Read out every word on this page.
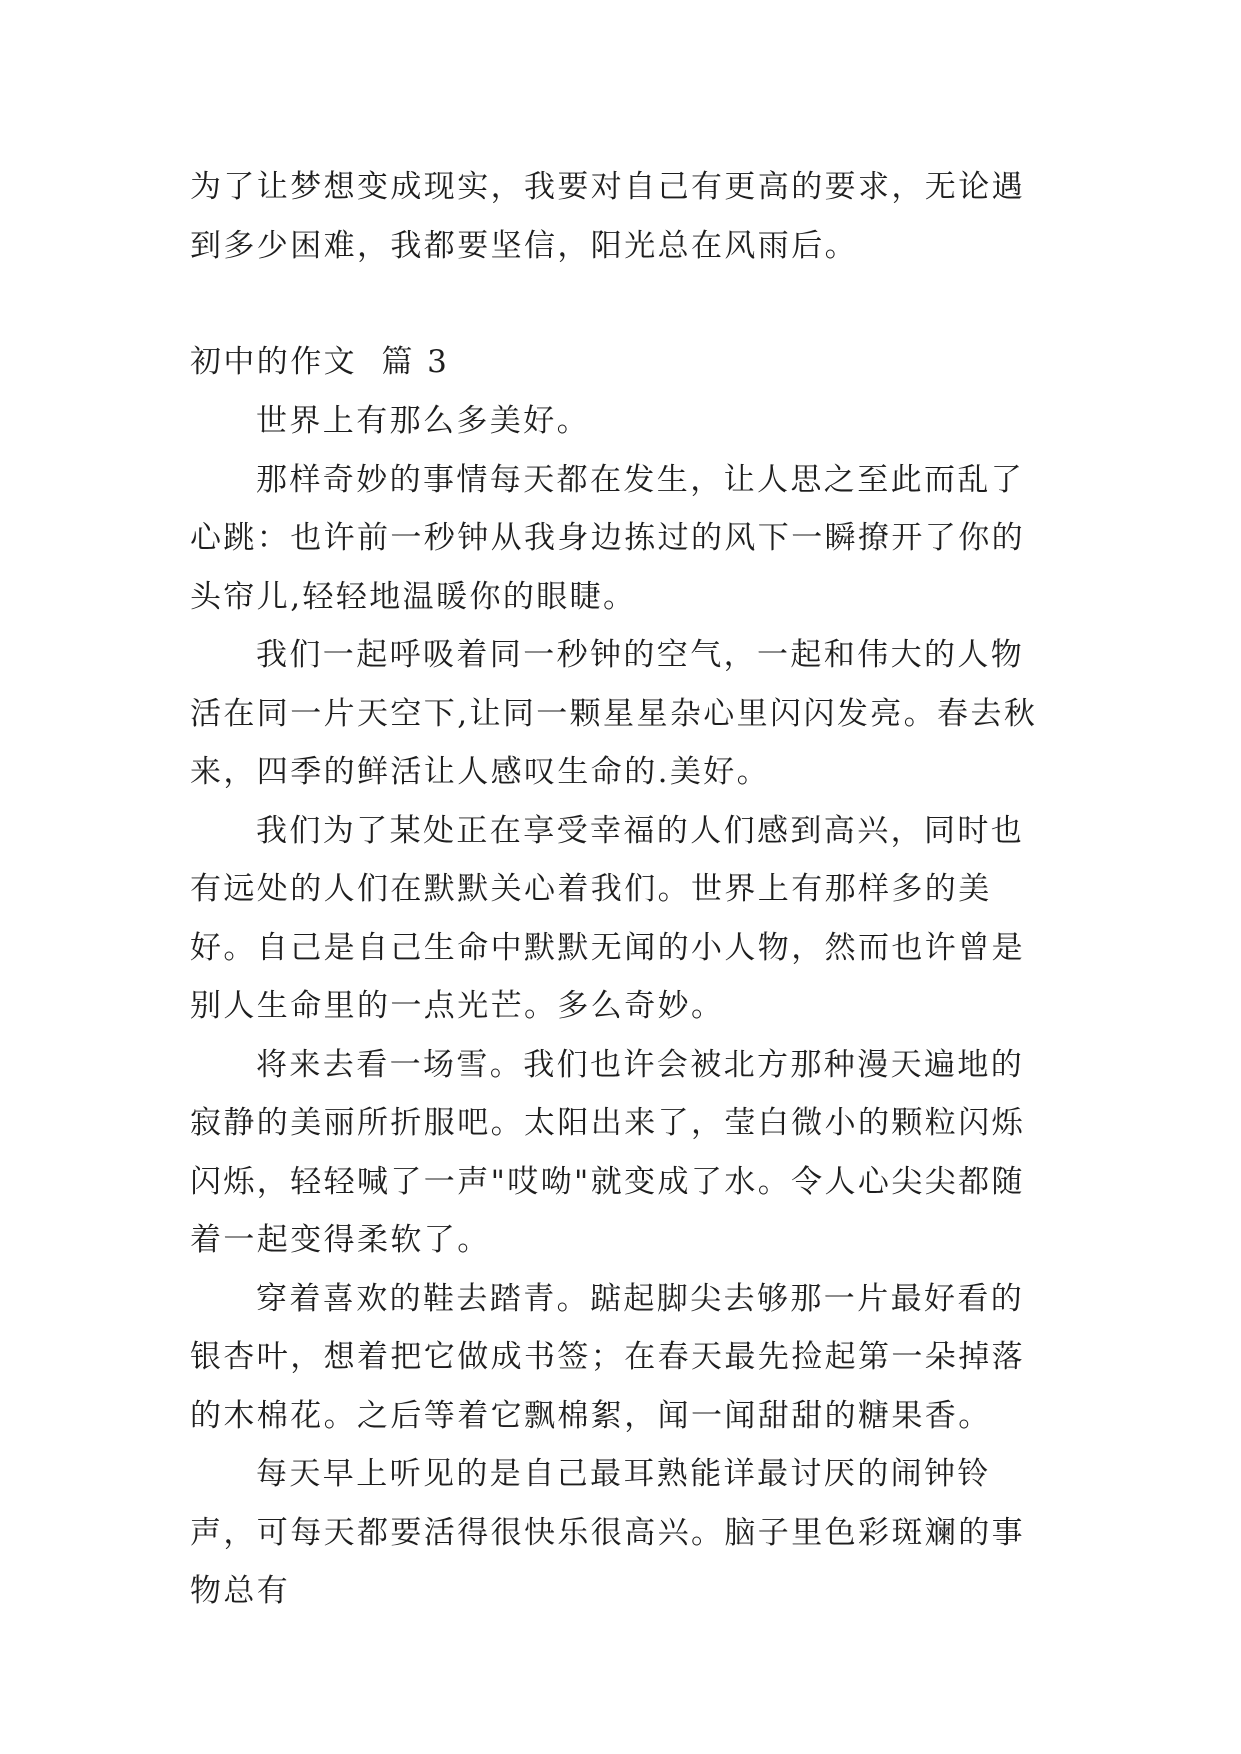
为了让梦想变成现实，我要对自己有更高的要求，无论遇到多少困难，我都要坚信，阳光总在风雨后。

初中的作文  篇 3

世界上有那么多美好。

那样奇妙的事情每天都在发生，让人思之至此而乱了心跳：也许前一秒钟从我身边拣过的风下一瞬撩开了你的头帘儿,轻轻地温暖你的眼睫。

我们一起呼吸着同一秒钟的空气，一起和伟大的人物活在同一片天空下,让同一颗星星杂心里闪闪发亮。春去秋来，四季的鲜活让人感叹生命的.美好。

我们为了某处正在享受幸福的人们感到高兴，同时也有远处的人们在默默关心着我们。世界上有那样多的美好。自己是自己生命中默默无闻的小人物，然而也许曾是别人生命里的一点光芒。多么奇妙。

将来去看一场雪。我们也许会被北方那种漫天遍地的寂静的美丽所折服吧。太阳出来了，莹白微小的颗粒闪烁闪烁，轻轻喊了一声"哎呦"就变成了水。令人心尖尖都随着一起变得柔软了。

穿着喜欢的鞋去踏青。踮起脚尖去够那一片最好看的银杏叶，想着把它做成书签；在春天最先捡起第一朵掉落的木棉花。之后等着它飘棉絮，闻一闻甜甜的糖果香。

每天早上听见的是自己最耳熟能详最讨厌的闹钟铃声，可每天都要活得很快乐很高兴。脑子里色彩斑斓的事物总有
